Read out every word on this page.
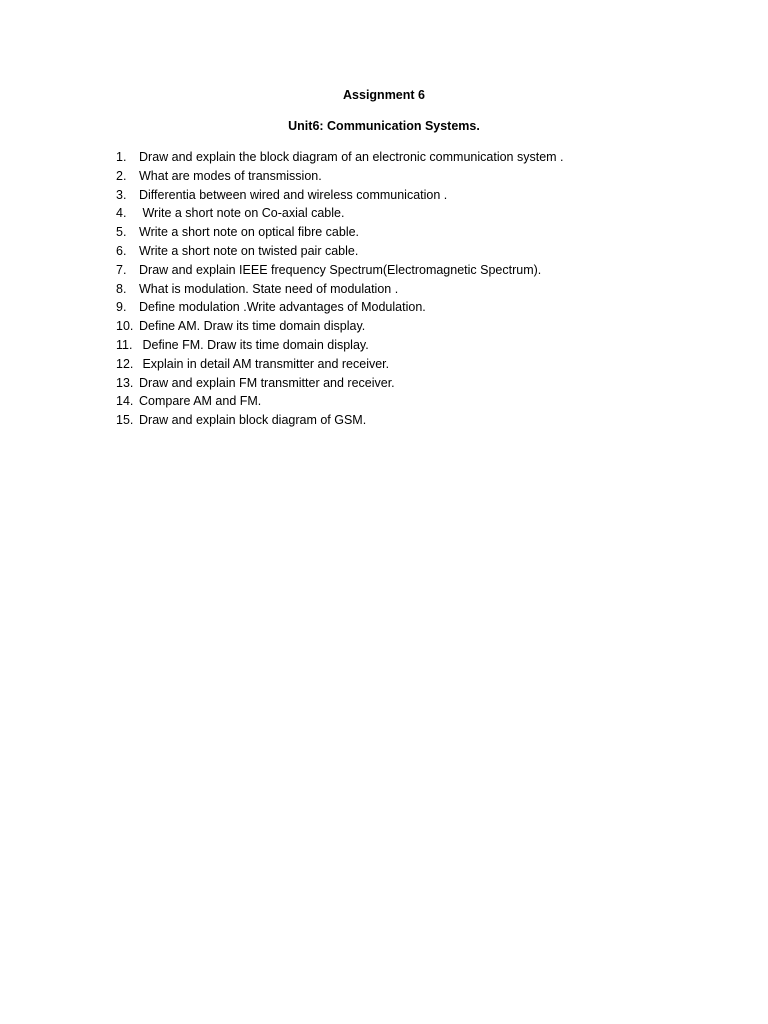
Assignment 6
Unit6: Communication Systems.
1.	Draw and explain the block diagram of an electronic communication system .
2.	What are modes of transmission.
3.	Differentia between wired and wireless communication .
4.	Write a short note on Co-axial cable.
5.	Write a short note on optical fibre cable.
6.	Write a short note on twisted pair cable.
7.	Draw and explain IEEE frequency Spectrum(Electromagnetic Spectrum).
8.	What is modulation. State need of modulation .
9.	Define modulation .Write advantages of Modulation.
10. Define AM. Draw its time domain display.
11. Define FM. Draw its time domain display.
12. Explain in detail AM transmitter and receiver.
13. Draw and explain FM transmitter and receiver.
14. Compare AM and FM.
15. Draw and explain block diagram of GSM.
